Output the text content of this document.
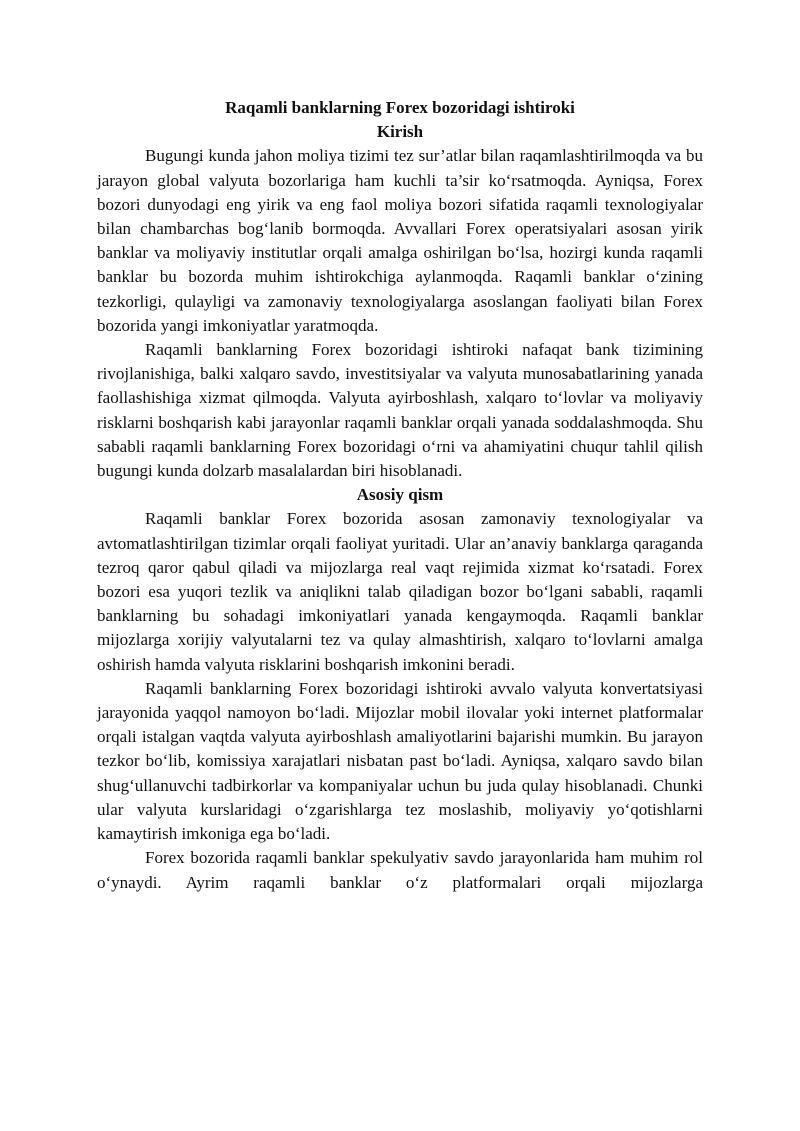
Raqamli banklarning Forex bozoridagi ishtiroki
Kirish

Bugungi kunda jahon moliya tizimi tez sur’atlar bilan raqamlashtirilmoqda va bu jarayon global valyuta bozorlariga ham kuchli ta’sir ko‘rsatmoqda. Ayniqsa, Forex bozori dunyodagi eng yirik va eng faol moliya bozori sifatida raqamli texnologiyalar bilan chambarchas bog‘lanib bormoqda. Avvallari Forex operatsiyalari asosan yirik banklar va moliyaviy institutlar orqali amalga oshirilgan bo‘lsa, hozirgi kunda raqamli banklar bu bozorda muhim ishtirokchiga aylanmoqda. Raqamli banklar o‘zining tezkorligi, qulayligi va zamonaviy texnologiyalarga asoslangan faoliyati bilan Forex bozorida yangi imkoniyatlar yaratmoqda.

Raqamli banklarning Forex bozoridagi ishtiroki nafaqat bank tizimining rivojlanishiga, balki xalqaro savdo, investitsiyalar va valyuta munosabatlarining yanada faollashishiga xizmat qilmoqda. Valyuta ayirboshlash, xalqaro to‘lovlar va moliyaviy risklarni boshqarish kabi jarayonlar raqamli banklar orqali yanada soddalashmoqda. Shu sababli raqamli banklarning Forex bozoridagi o‘rni va ahamiyatini chuqur tahlil qilish bugungi kunda dolzarb masalalardan biri hisoblanadi.

Asosiy qism

Raqamli banklar Forex bozorida asosan zamonaviy texnologiyalar va avtomatlashtirilgan tizimlar orqali faoliyat yuritadi. Ular an’anaviy banklarga qaraganda tezroq qaror qabul qiladi va mijozlarga real vaqt rejimida xizmat ko‘rsatadi. Forex bozori esa yuqori tezlik va aniqlikni talab qiladigan bozor bo‘lgani sababli, raqamli banklarning bu sohadagi imkoniyatlari yanada kengaymoqda. Raqamli banklar mijozlarga xorijiy valyutalarni tez va qulay almashtirish, xalqaro to‘lovlarni amalga oshirish hamda valyuta risklarini boshqarish imkonini beradi.

Raqamli banklarning Forex bozoridagi ishtiroki avvalo valyuta konvertatsiyasi jarayonida yaqqol namoyon bo‘ladi. Mijozlar mobil ilovalar yoki internet platformalar orqali istalgan vaqtda valyuta ayirboshlash amaliyotlarini bajarishi mumkin. Bu jarayon tezkor bo‘lib, komissiya xarajatlari nisbatan past bo‘ladi. Ayniqsa, xalqaro savdo bilan shug‘ullanuvchi tadbirkorlar va kompaniyalar uchun bu juda qulay hisoblanadi. Chunki ular valyuta kurslaridagi o‘zgarishlarga tez moslashib, moliyaviy yo‘qotishlarni kamaytirish imkoniga ega bo‘ladi.

Forex bozorida raqamli banklar spekulyativ savdo jarayonlarida ham muhim rol o‘ynaydi. Ayrim raqamli banklar o‘z platformalari orqali mijozlarga
